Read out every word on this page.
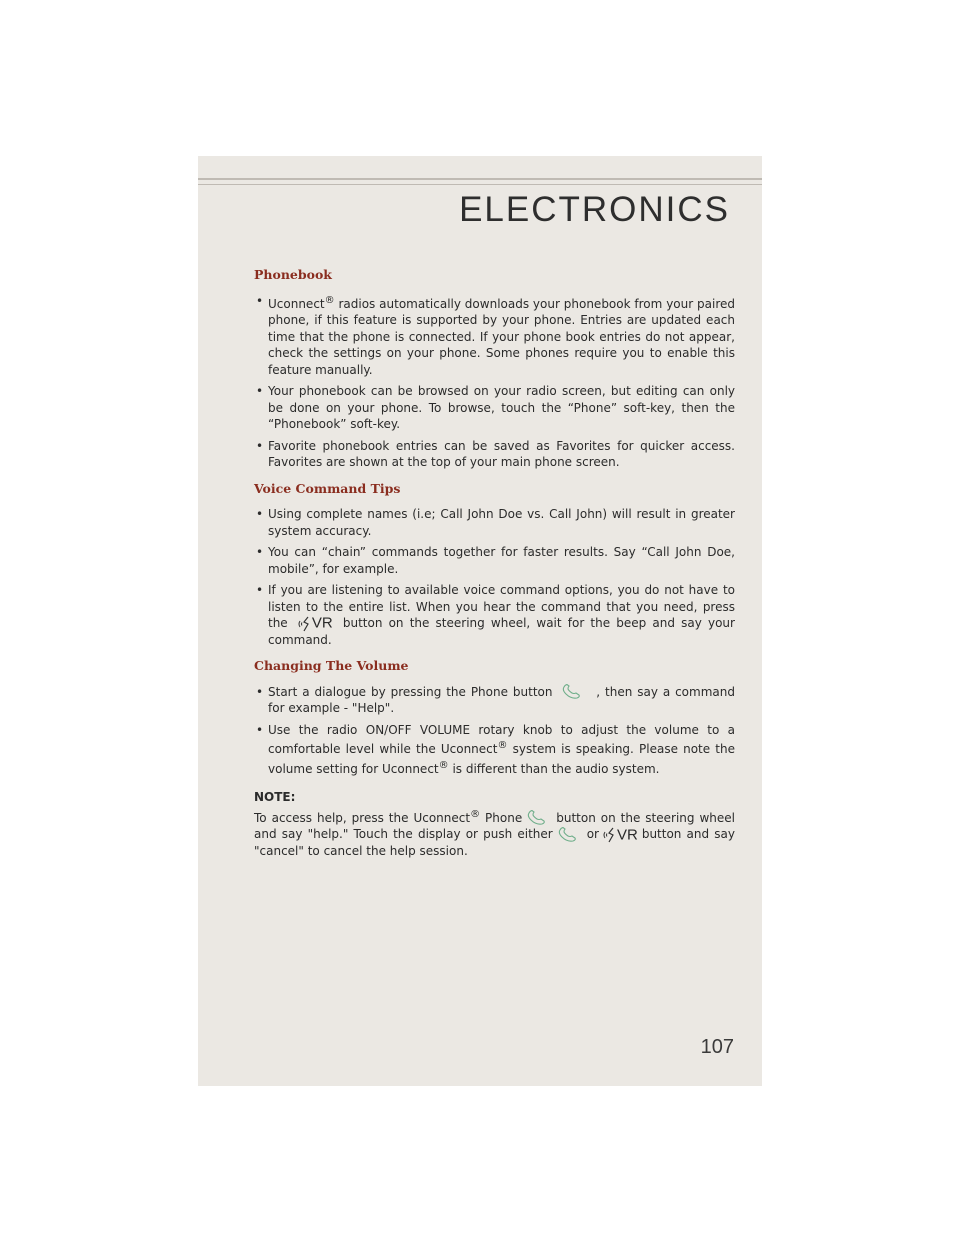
ELECTRONICS
Phonebook
• Uconnect® radios automatically downloads your phonebook from your paired phone, if this feature is supported by your phone. Entries are updated each time that the phone is connected. If your phone book entries do not appear, check the settings on your phone. Some phones require you to enable this feature manually.
• Your phonebook can be browsed on your radio screen, but editing can only be done on your phone. To browse, touch the “Phone” soft-key, then the “Phonebook” soft-key.
• Favorite phonebook entries can be saved as Favorites for quicker access. Favorites are shown at the top of your main phone screen.
Voice Command Tips
• Using complete names (i.e; Call John Doe vs. Call John) will result in greater system accuracy.
• You can “chain” commands together for faster results. Say “Call John Doe, mobile”, for example.
• If you are listening to available voice command options, you do not have to listen to the entire list. When you hear the command that you need, press the VR button on the steering wheel, wait for the beep and say your command.
Changing The Volume
• Start a dialogue by pressing the Phone button	, then say a command for example - "Help".
• Use the radio ON/OFF VOLUME rotary knob to adjust the volume to a comfortable level while the Uconnect® system is speaking. Please note the volume setting for Uconnect® is different than the audio system.

NOTE:

To access help, press the Uconnect® Phone	button on the steering wheel and say "help." Touch the display or push either	or VR button and say "cancel" to cancel the help session.

107
